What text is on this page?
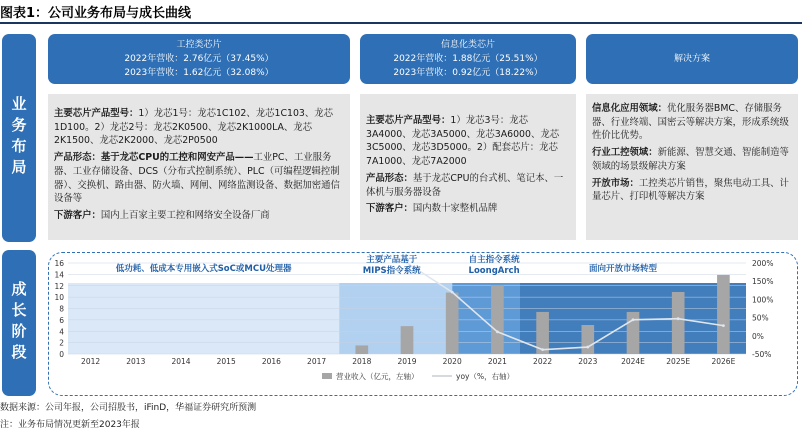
图表1：公司业务布局与成长曲线
业务布局
成长阶段
工控类芯片
2022年营收：2.76亿元（37.45%）
2023年营收：1.62亿元（32.08%）
信息化类芯片
2022年营收：1.88亿元（25.51%）
2023年营收：0.92亿元（18.22%）
解决方案

主要芯片产品型号：1）龙芯1号：龙芯1C102、龙芯1C103、龙芯1D100。2）龙芯2号：龙芯2K0500、龙芯2K1000LA、龙芯2K1500、龙芯2K2000、龙芯2P0500

产品形态：基于龙芯CPU的工控和网安产品——工业PC、工业服务器、工业存储设备、DCS（分布式控制系统）、PLC（可编程逻辑控制器）、交换机、路由器、防火墙、网闸、网络监测设备、数据加密通信设备等

下游客户：国内上百家主要工控和网络安全设备厂商

主要芯片产品型号：1）龙芯3号：龙芯3A4000、龙芯3A5000、龙芯3A6000、龙芯3C5000、龙芯3D5000。2）配套芯片：龙芯7A1000、龙芯7A2000

产品形态：基于龙芯CPU的台式机、笔记本、一体机与服务器设备

下游客户：国内数十家整机品牌

信息化应用领域：优化服务器BMC、存储服务器、行业终端、国密云等解决方案，形成系统级性价比优势。

行业工控领域：新能源、智慧交通、智能制造等领域的场景级解决方案

开放市场：工控类芯片销售，聚焦电动工具、计量芯片、打印机等解决方案

0
2
4
6
8
10
12
14
16
-50%
0%
50%
100%
150%
200%
2012	2013	2014	2015	2016	2017	2018	2019	2020	2021	2022	2023	2024E	2025E	2026E
低功耗、低成本专用嵌入式SoC或MCU处理器
主要产品基于
MIPS指令系统
自主指令系统
LoongArch	面向开放市场转型
营业收入（亿元，左轴）	yoy（%，右轴）
数据来源：公司年报，公司招股书，iFinD，华福证券研究所预测
注：业务布局情况更新至2023年报
